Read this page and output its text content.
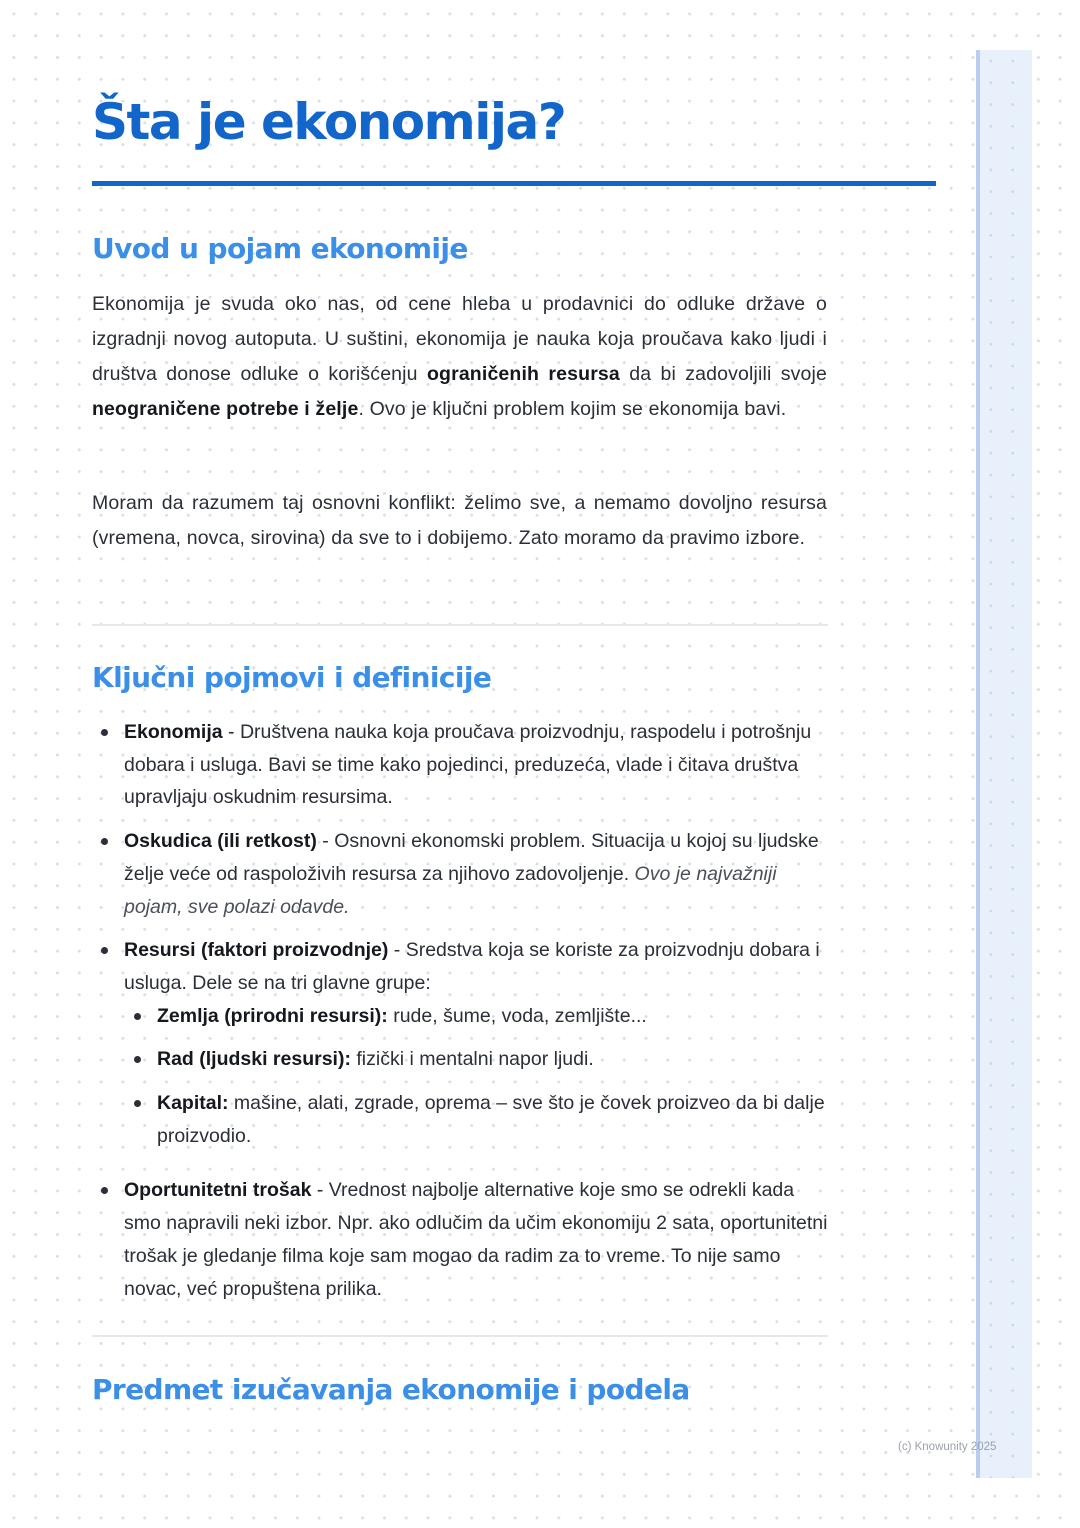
Šta je ekonomija?
Uvod u pojam ekonomije

Ekonomija je svuda oko nas, od cene hleba u prodavnici do odluke države o izgradnji novog autoputa. U suštini, ekonomija je nauka koja proučava kako ljudi i društva donose odluke o korišćenju ograničenih resursa da bi zadovoljili svoje neograničene potrebe i želje. Ovo je ključni problem kojim se ekonomija bavi.

Moram da razumem taj osnovni konflikt: želimo sve, a nemamo dovoljno resursa (vremena, novca, sirovina) da sve to i dobijemo. Zato moramo da pravimo izbore.

Ključni pojmovi i definicije
Ekonomija - Društvena nauka koja proučava proizvodnju, raspodelu i potrošnju dobara i usluga. Bavi se time kako pojedinci, preduzeća, vlade i čitava društva upravljaju oskudnim resursima.
Oskudica (ili retkost) - Osnovni ekonomski problem. Situacija u kojoj su ljudske želje veće od raspoloživih resursa za njihovo zadovoljenje. Ovo je najvažniji pojam, sve polazi odavde.
Resursi (faktori proizvodnje) - Sredstva koja se koriste za proizvodnju dobara i usluga. Dele se na tri glavne grupe:
Zemlja (prirodni resursi): rude, šume, voda, zemljište...
Rad (ljudski resursi): fizički i mentalni napor ljudi.
Kapital: mašine, alati, zgrade, oprema – sve što je čovek proizveo da bi dalje proizvodio.
Oportunitetni trošak - Vrednost najbolje alternative koje smo se odrekli kada smo napravili neki izbor. Npr. ako odlučim da učim ekonomiju 2 sata, oportunitetni trošak je gledanje filma koje sam mogao da radim za to vreme. To nije samo novac, već propuštena prilika.
Predmet izučavanja ekonomije i podela
(c) Knowunity 2025
